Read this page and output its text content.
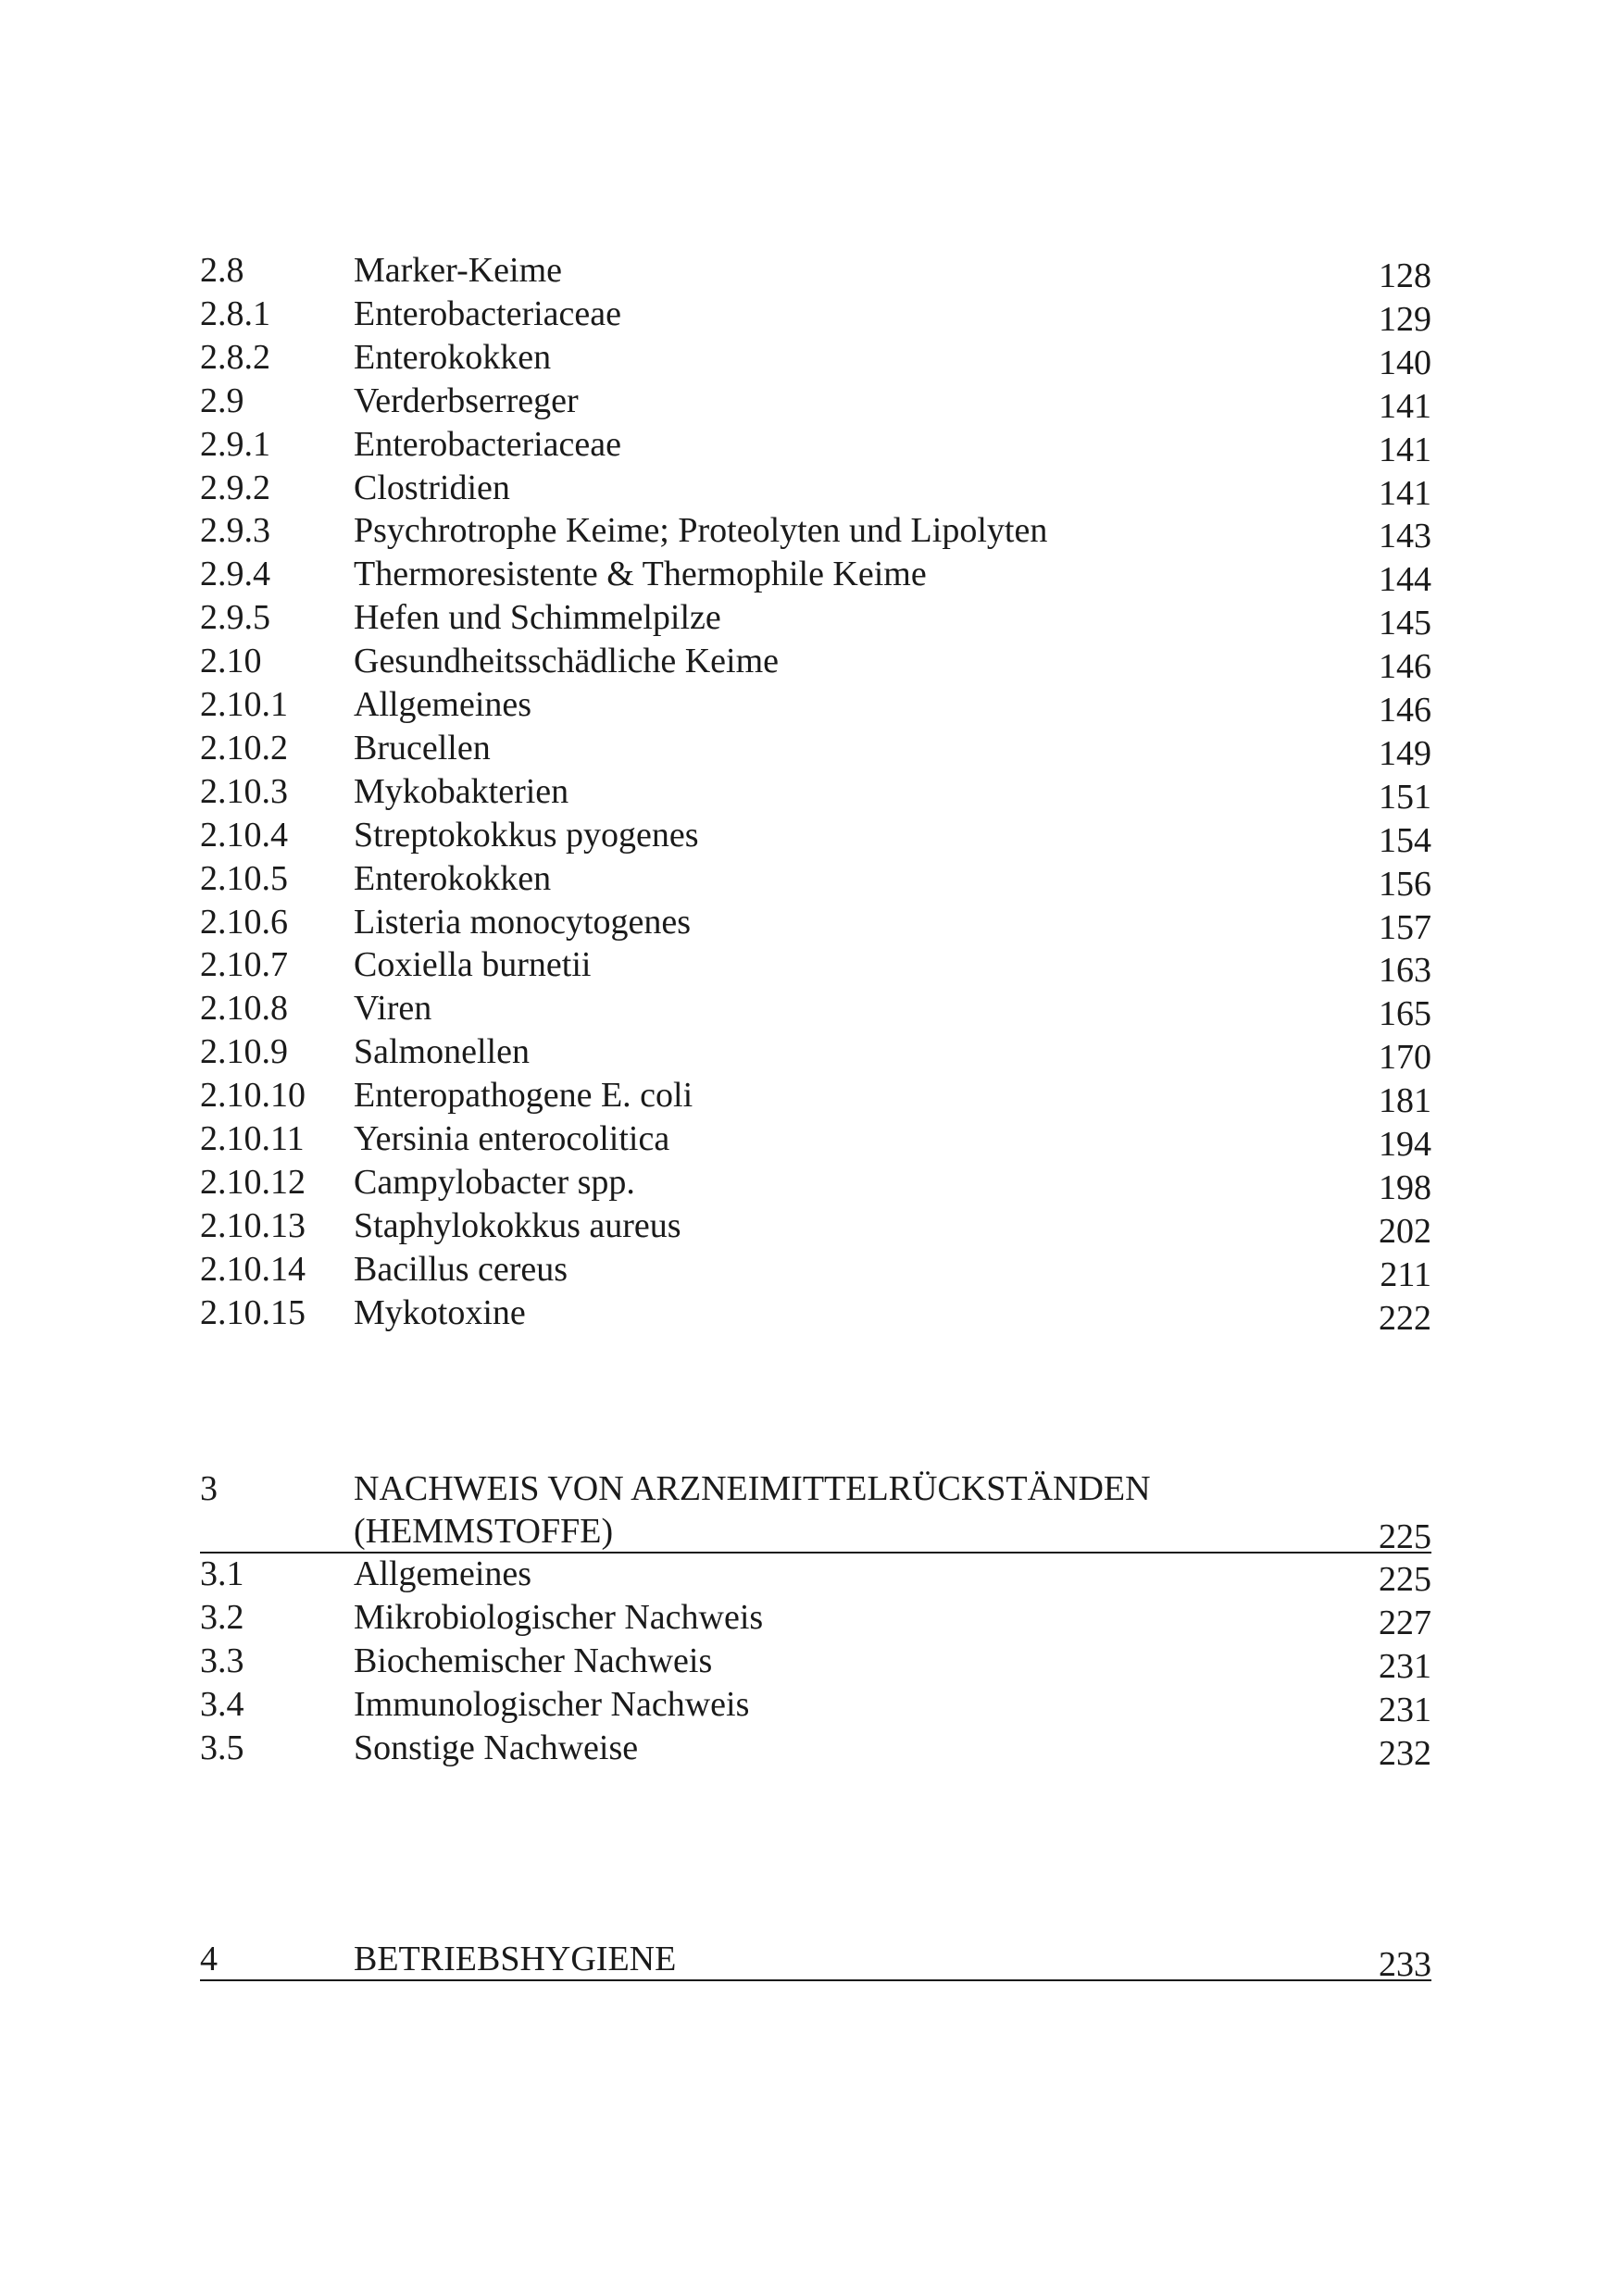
2.8	Marker-Keime	128
2.8.1 Enterobacteriaceae	129
2.8.2 Enterokokken	140
2.9	Verderbserreger	141
2.9.1 Enterobacteriaceae	141
2.9.2 Clostridien	141
2.9.3 Psychrotrophe Keime; Proteolyten und Lipolyten	143
2.9.4 Thermoresistente & Thermophile Keime	144
2.9.5 Hefen und Schimmelpilze	145
2.10	Gesundheitsschädliche Keime	146
2.10.1 Allgemeines	146
2.10.2 Brucellen	149
2.10.3 Mykobakterien	151
2.10.4 Streptokokkus pyogenes	154
2.10.5 Enterokokken	156
2.10.6 Listeria monocytogenes	157
2.10.7 Coxiella burnetii	163
2.10.8 Viren	165
2.10.9 Salmonellen	170
2.10.10 Enteropathogene E. coli	181
2.10.11 Yersinia enterocolitica	194
2.10.12 Campylobacter spp.	198
2.10.13 Staphylokokkus aureus	202
2.10.14 Bacillus cereus	211
2.10.15 Mykotoxine	222
3	NACHWEIS VON ARZNEIMITTELRÜCKSTÄNDEN
(HEMMSTOFFE)	225
3.1	Allgemeines	225
3.2	Mikrobiologischer Nachweis	227
3.3	Biochemischer Nachweis	231
3.4	Immunologischer Nachweis	231
3.5	Sonstige Nachweise	232
4	BETRIEBSHYGIENE	233
